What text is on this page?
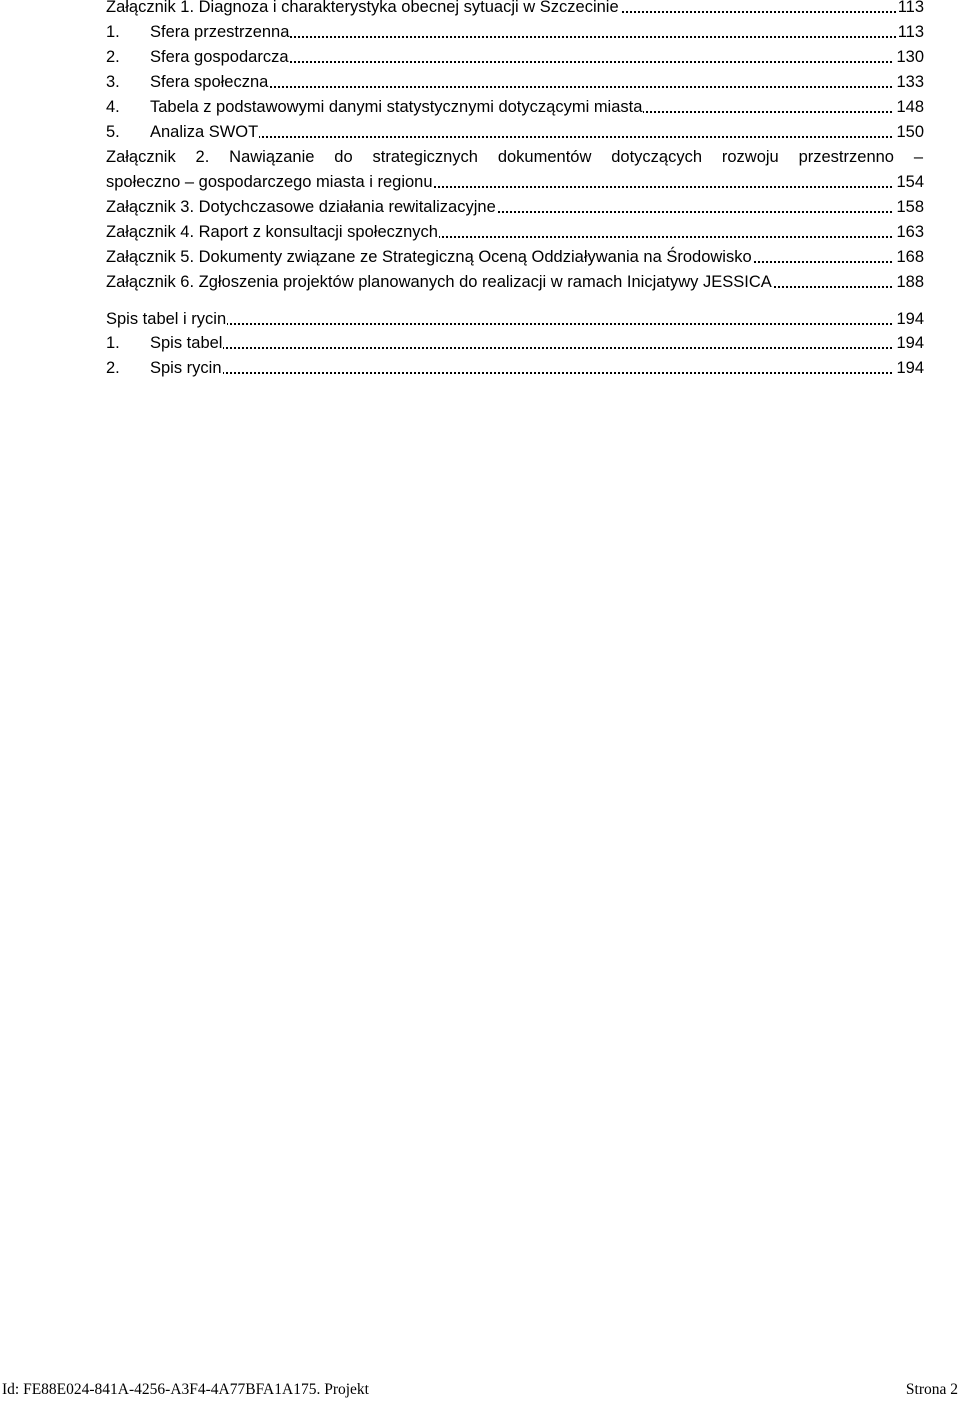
Załącznik 1. Diagnoza i charakterystyka obecnej sytuacji w Szczecinie	113
1. Sfera przestrzenna	113
2. Sfera gospodarcza	130
3. Sfera społeczna	133
4. Tabela z podstawowymi danymi statystycznymi dotyczącymi miasta	148
5. Analiza SWOT	150
Załącznik 2. Nawiązanie do strategicznych dokumentów dotyczących rozwoju przestrzenno –
społeczno – gospodarczego miasta i regionu	154
Załącznik 3. Dotychczasowe działania rewitalizacyjne	158
Załącznik 4. Raport z konsultacji społecznych	163
Załącznik 5. Dokumenty związane ze Strategiczną Oceną Oddziaływania na Środowisko	168
Załącznik 6. Zgłoszenia projektów planowanych do realizacji w ramach Inicjatywy JESSICA	188
Spis tabel i rycin	194
1. Spis tabel	194
2. Spis rycin	194
Id: FE88E024-841A-4256-A3F4-4A77BFA1A175. Projekt	Strona 2
